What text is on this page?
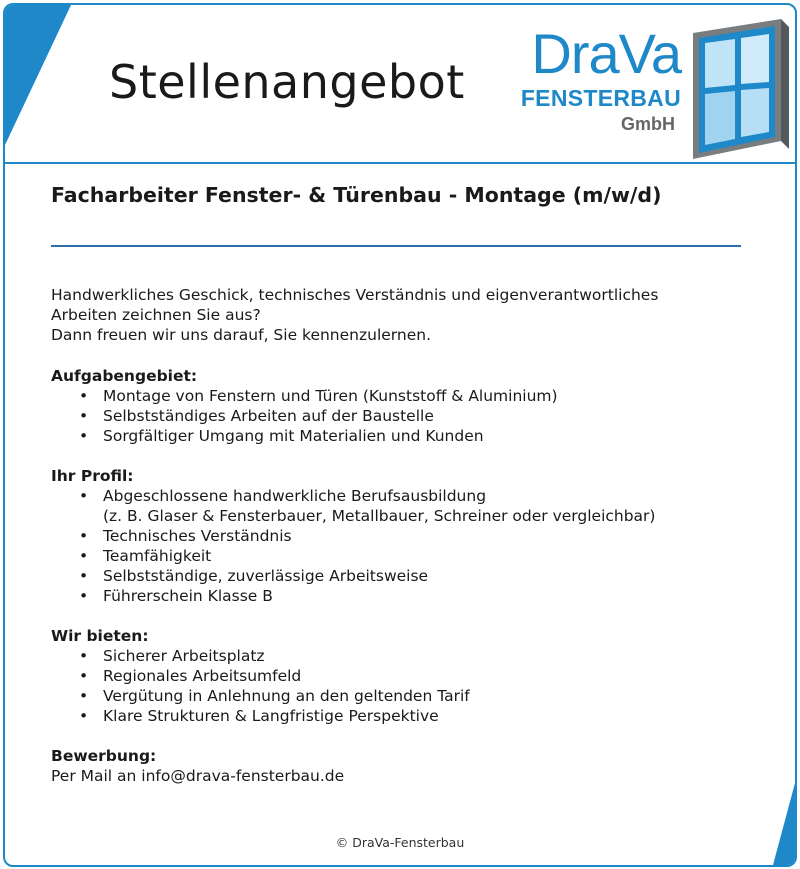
Stellenangebot DraVa
FENSTERBAU
GmbH
Facharbeiter Fenster- & Türenbau - Montage (m/w/d)

Handwerkliches Geschick, technisches Verständnis und eigenverantwortliches
Arbeiten zeichnen Sie aus?
Dann freuen wir uns darauf, Sie kennenzulernen.

Aufgabengebiet:

• Montage von Fenstern und Türen (Kunststoff & Aluminium)
• Selbstständiges Arbeiten auf der Baustelle
• Sorgfältiger Umgang mit Materialien und Kunden

Ihr Profil:

• Abgeschlossene handwerkliche Berufsausbildung
(z. B. Glaser & Fensterbauer, Metallbauer, Schreiner oder vergleichbar)
• Technisches Verständnis
• Teamfähigkeit
• Selbstständige, zuverlässige Arbeitsweise
• Führerschein Klasse B

Wir bieten:

• Sicherer Arbeitsplatz
• Regionales Arbeitsumfeld
• Vergütung in Anlehnung an den geltenden Tarif
• Klare Strukturen & Langfristige Perspektive

Bewerbung:

Per Mail an info@drava-fensterbau.de

© DraVa-Fensterbau
